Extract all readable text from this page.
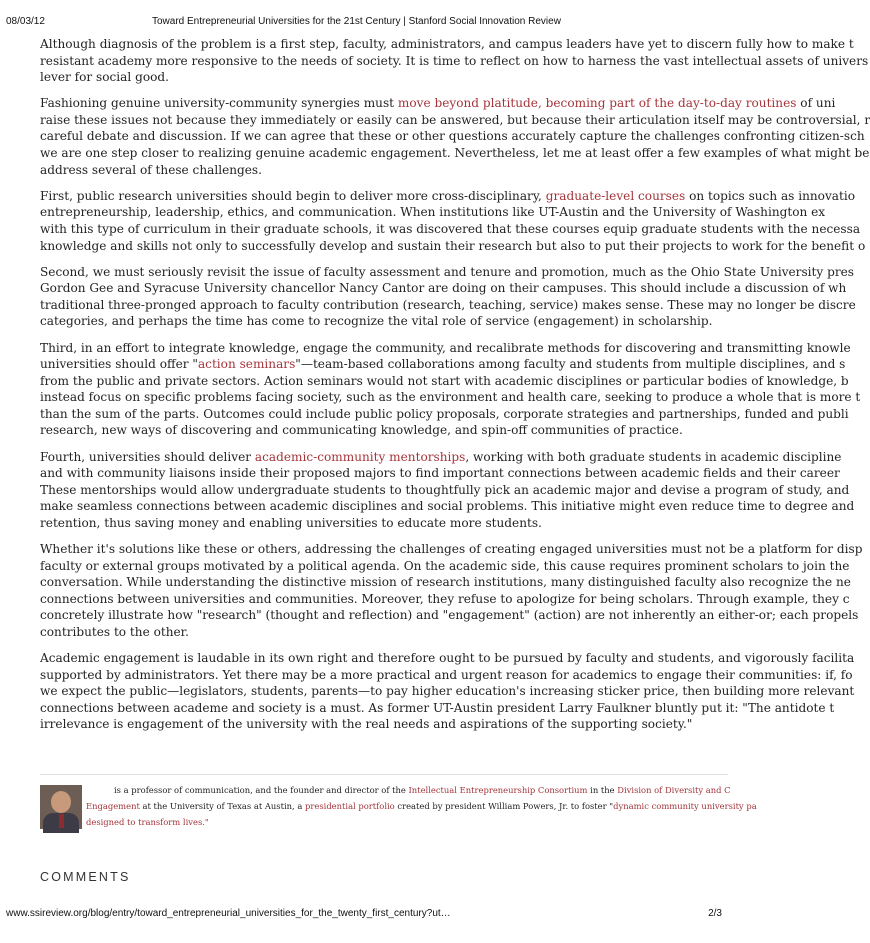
08/03/12	Toward Entrepreneurial Universities for the 21st Century | Stanford Social Innovation Review

Although diagnosis of the problem is a first step, faculty, administrators, and campus leaders have yet to discern fully how to make t
resistant academy more responsive to the needs of society. It is time to reflect on how to harness the vast intellectual assets of univers
lever for social good.

Fashioning genuine university-community synergies must move beyond platitude, becoming part of the day-to-day routines of uni
raise these issues not because they immediately or easily can be answered, but because their articulation itself may be controversial, r
careful debate and discussion. If we can agree that these or other questions accurately capture the challenges confronting citizen-sch
we are one step closer to realizing genuine academic engagement. Nevertheless, let me at least offer a few examples of what might be
address several of these challenges.

First, public research universities should begin to deliver more cross-disciplinary, graduate-level courses on topics such as innovatio
entrepreneurship, leadership, ethics, and communication. When institutions like UT-Austin and the University of Washington ex
with this type of curriculum in their graduate schools, it was discovered that these courses equip graduate students with the necessa
knowledge and skills not only to successfully develop and sustain their research but also to put their projects to work for the benefit o

Second, we must seriously revisit the issue of faculty assessment and tenure and promotion, much as the Ohio State University pres
Gordon Gee and Syracuse University chancellor Nancy Cantor are doing on their campuses. This should include a discussion of wh
traditional three-pronged approach to faculty contribution (research, teaching, service) makes sense. These may no longer be discre
categories, and perhaps the time has come to recognize the vital role of service (engagement) in scholarship.

Third, in an effort to integrate knowledge, engage the community, and recalibrate methods for discovering and transmitting knowle
universities should offer "action seminars"—team-based collaborations among faculty and students from multiple disciplines, and s
from the public and private sectors. Action seminars would not start with academic disciplines or particular bodies of knowledge, b
instead focus on specific problems facing society, such as the environment and health care, seeking to produce a whole that is more t
than the sum of the parts. Outcomes could include public policy proposals, corporate strategies and partnerships, funded and publi
research, new ways of discovering and communicating knowledge, and spin-off communities of practice.

Fourth, universities should deliver academic-community mentorships, working with both graduate students in academic discipline
and with community liaisons inside their proposed majors to find important connections between academic fields and their career
These mentorships would allow undergraduate students to thoughtfully pick an academic major and devise a program of study, and
make seamless connections between academic disciplines and social problems. This initiative might even reduce time to degree and
retention, thus saving money and enabling universities to educate more students.

Whether it's solutions like these or others, addressing the challenges of creating engaged universities must not be a platform for disp
faculty or external groups motivated by a political agenda. On the academic side, this cause requires prominent scholars to join the
conversation. While understanding the distinctive mission of research institutions, many distinguished faculty also recognize the ne
connections between universities and communities. Moreover, they refuse to apologize for being scholars. Through example, they c
concretely illustrate how "research" (thought and reflection) and "engagement" (action) are not inherently an either-or; each propels
contributes to the other.

Academic engagement is laudable in its own right and therefore ought to be pursued by faculty and students, and vigorously facilita
supported by administrators. Yet there may be a more practical and urgent reason for academics to engage their communities: if, fo
we expect the public—legislators, students, parents—to pay higher education's increasing sticker price, then building more relevant
connections between academe and society is a must. As former UT-Austin president Larry Faulkner bluntly put it: "The antidote t
irrelevance is engagement of the university with the real needs and aspirations of the supporting society."

is a professor of communication, and the founder and director of the Intellectual Entrepreneurship Consortium in the Division of Diversity and C
Engagement at the University of Texas at Austin, a presidential portfolio created by president William Powers, Jr. to foster "dynamic community university pa
designed to transform lives."
COMMENTS
www.ssireview.org/blog/entry/toward_entrepreneurial_universities_for_the_twenty_first_century?ut…	2/3
